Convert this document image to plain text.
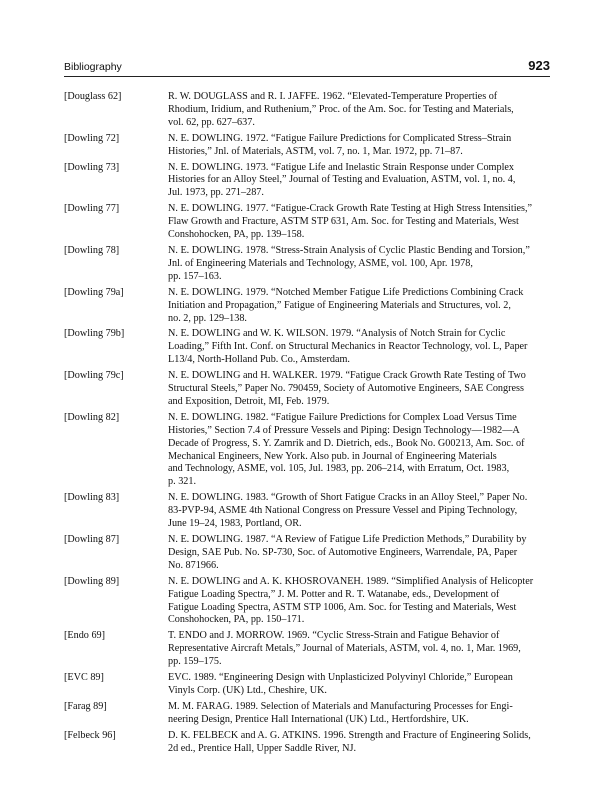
Bibliography	923
[Douglass 62]	R. W. DOUGLASS and R. I. JAFFE. 1962. “Elevated-Temperature Properties of
Rhodium, Iridium, and Ruthenium,” Proc. of the Am. Soc. for Testing and Materials,
vol. 62, pp. 627–637.
[Dowling 72]	N. E. DOWLING. 1972. “Fatigue Failure Predictions for Complicated Stress–Strain
Histories,” Jnl. of Materials, ASTM, vol. 7, no. 1, Mar. 1972, pp. 71–87.
[Dowling 73]	N. E. DOWLING. 1973. “Fatigue Life and Inelastic Strain Response under Complex
Histories for an Alloy Steel,” Journal of Testing and Evaluation, ASTM, vol. 1, no. 4,
Jul. 1973, pp. 271–287.
[Dowling 77]	N. E. DOWLING. 1977. “Fatigue-Crack Growth Rate Testing at High Stress Intensities,”
Flaw Growth and Fracture, ASTM STP 631, Am. Soc. for Testing and Materials, West
Conshohocken, PA, pp. 139–158.
[Dowling 78]	N. E. DOWLING. 1978. “Stress-Strain Analysis of Cyclic Plastic Bending and Torsion,”
Jnl. of Engineering Materials and Technology, ASME, vol. 100, Apr. 1978,
pp. 157–163.
[Dowling 79a]	N. E. DOWLING. 1979. “Notched Member Fatigue Life Predictions Combining Crack
Initiation and Propagation,” Fatigue of Engineering Materials and Structures, vol. 2,
no. 2, pp. 129–138.
[Dowling 79b]	N. E. DOWLING and W. K. WILSON. 1979. “Analysis of Notch Strain for Cyclic
Loading,” Fifth Int. Conf. on Structural Mechanics in Reactor Technology, vol. L, Paper
L13/4, North-Holland Pub. Co., Amsterdam.
[Dowling 79c]	N. E. DOWLING and H. WALKER. 1979. “Fatigue Crack Growth Rate Testing of Two
Structural Steels,” Paper No. 790459, Society of Automotive Engineers, SAE Congress
and Exposition, Detroit, MI, Feb. 1979.
[Dowling 82]	N. E. DOWLING. 1982. “Fatigue Failure Predictions for Complex Load Versus Time
Histories,” Section 7.4 of Pressure Vessels and Piping: Design Technology—1982—A
Decade of Progress, S. Y. Zamrik and D. Dietrich, eds., Book No. G00213, Am. Soc. of
Mechanical Engineers, New York. Also pub. in Journal of Engineering Materials
and Technology, ASME, vol. 105, Jul. 1983, pp. 206–214, with Erratum, Oct. 1983,
p. 321.
[Dowling 83]	N. E. DOWLING. 1983. “Growth of Short Fatigue Cracks in an Alloy Steel,” Paper No.
83-PVP-94, ASME 4th National Congress on Pressure Vessel and Piping Technology,
June 19–24, 1983, Portland, OR.
[Dowling 87]	N. E. DOWLING. 1987. “A Review of Fatigue Life Prediction Methods,” Durability by
Design, SAE Pub. No. SP-730, Soc. of Automotive Engineers, Warrendale, PA, Paper
No. 871966.
[Dowling 89]	N. E. DOWLING and A. K. KHOSROVANEH. 1989. “Simplified Analysis of Helicopter
Fatigue Loading Spectra,” J. M. Potter and R. T. Watanabe, eds., Development of
Fatigue Loading Spectra, ASTM STP 1006, Am. Soc. for Testing and Materials, West
Conshohocken, PA, pp. 150–171.
[Endo 69]	T. ENDO and J. MORROW. 1969. “Cyclic Stress-Strain and Fatigue Behavior of
Representative Aircraft Metals,” Journal of Materials, ASTM, vol. 4, no. 1, Mar. 1969,
pp. 159–175.
[EVC 89]	EVC. 1989. “Engineering Design with Unplasticized Polyvinyl Chloride,” European
Vinyls Corp. (UK) Ltd., Cheshire, UK.
[Farag 89]	M. M. FARAG. 1989. Selection of Materials and Manufacturing Processes for Engi-
neering Design, Prentice Hall International (UK) Ltd., Hertfordshire, UK.
[Felbeck 96]	D. K. FELBECK and A. G. ATKINS. 1996. Strength and Fracture of Engineering Solids,
2d ed., Prentice Hall, Upper Saddle River, NJ.
